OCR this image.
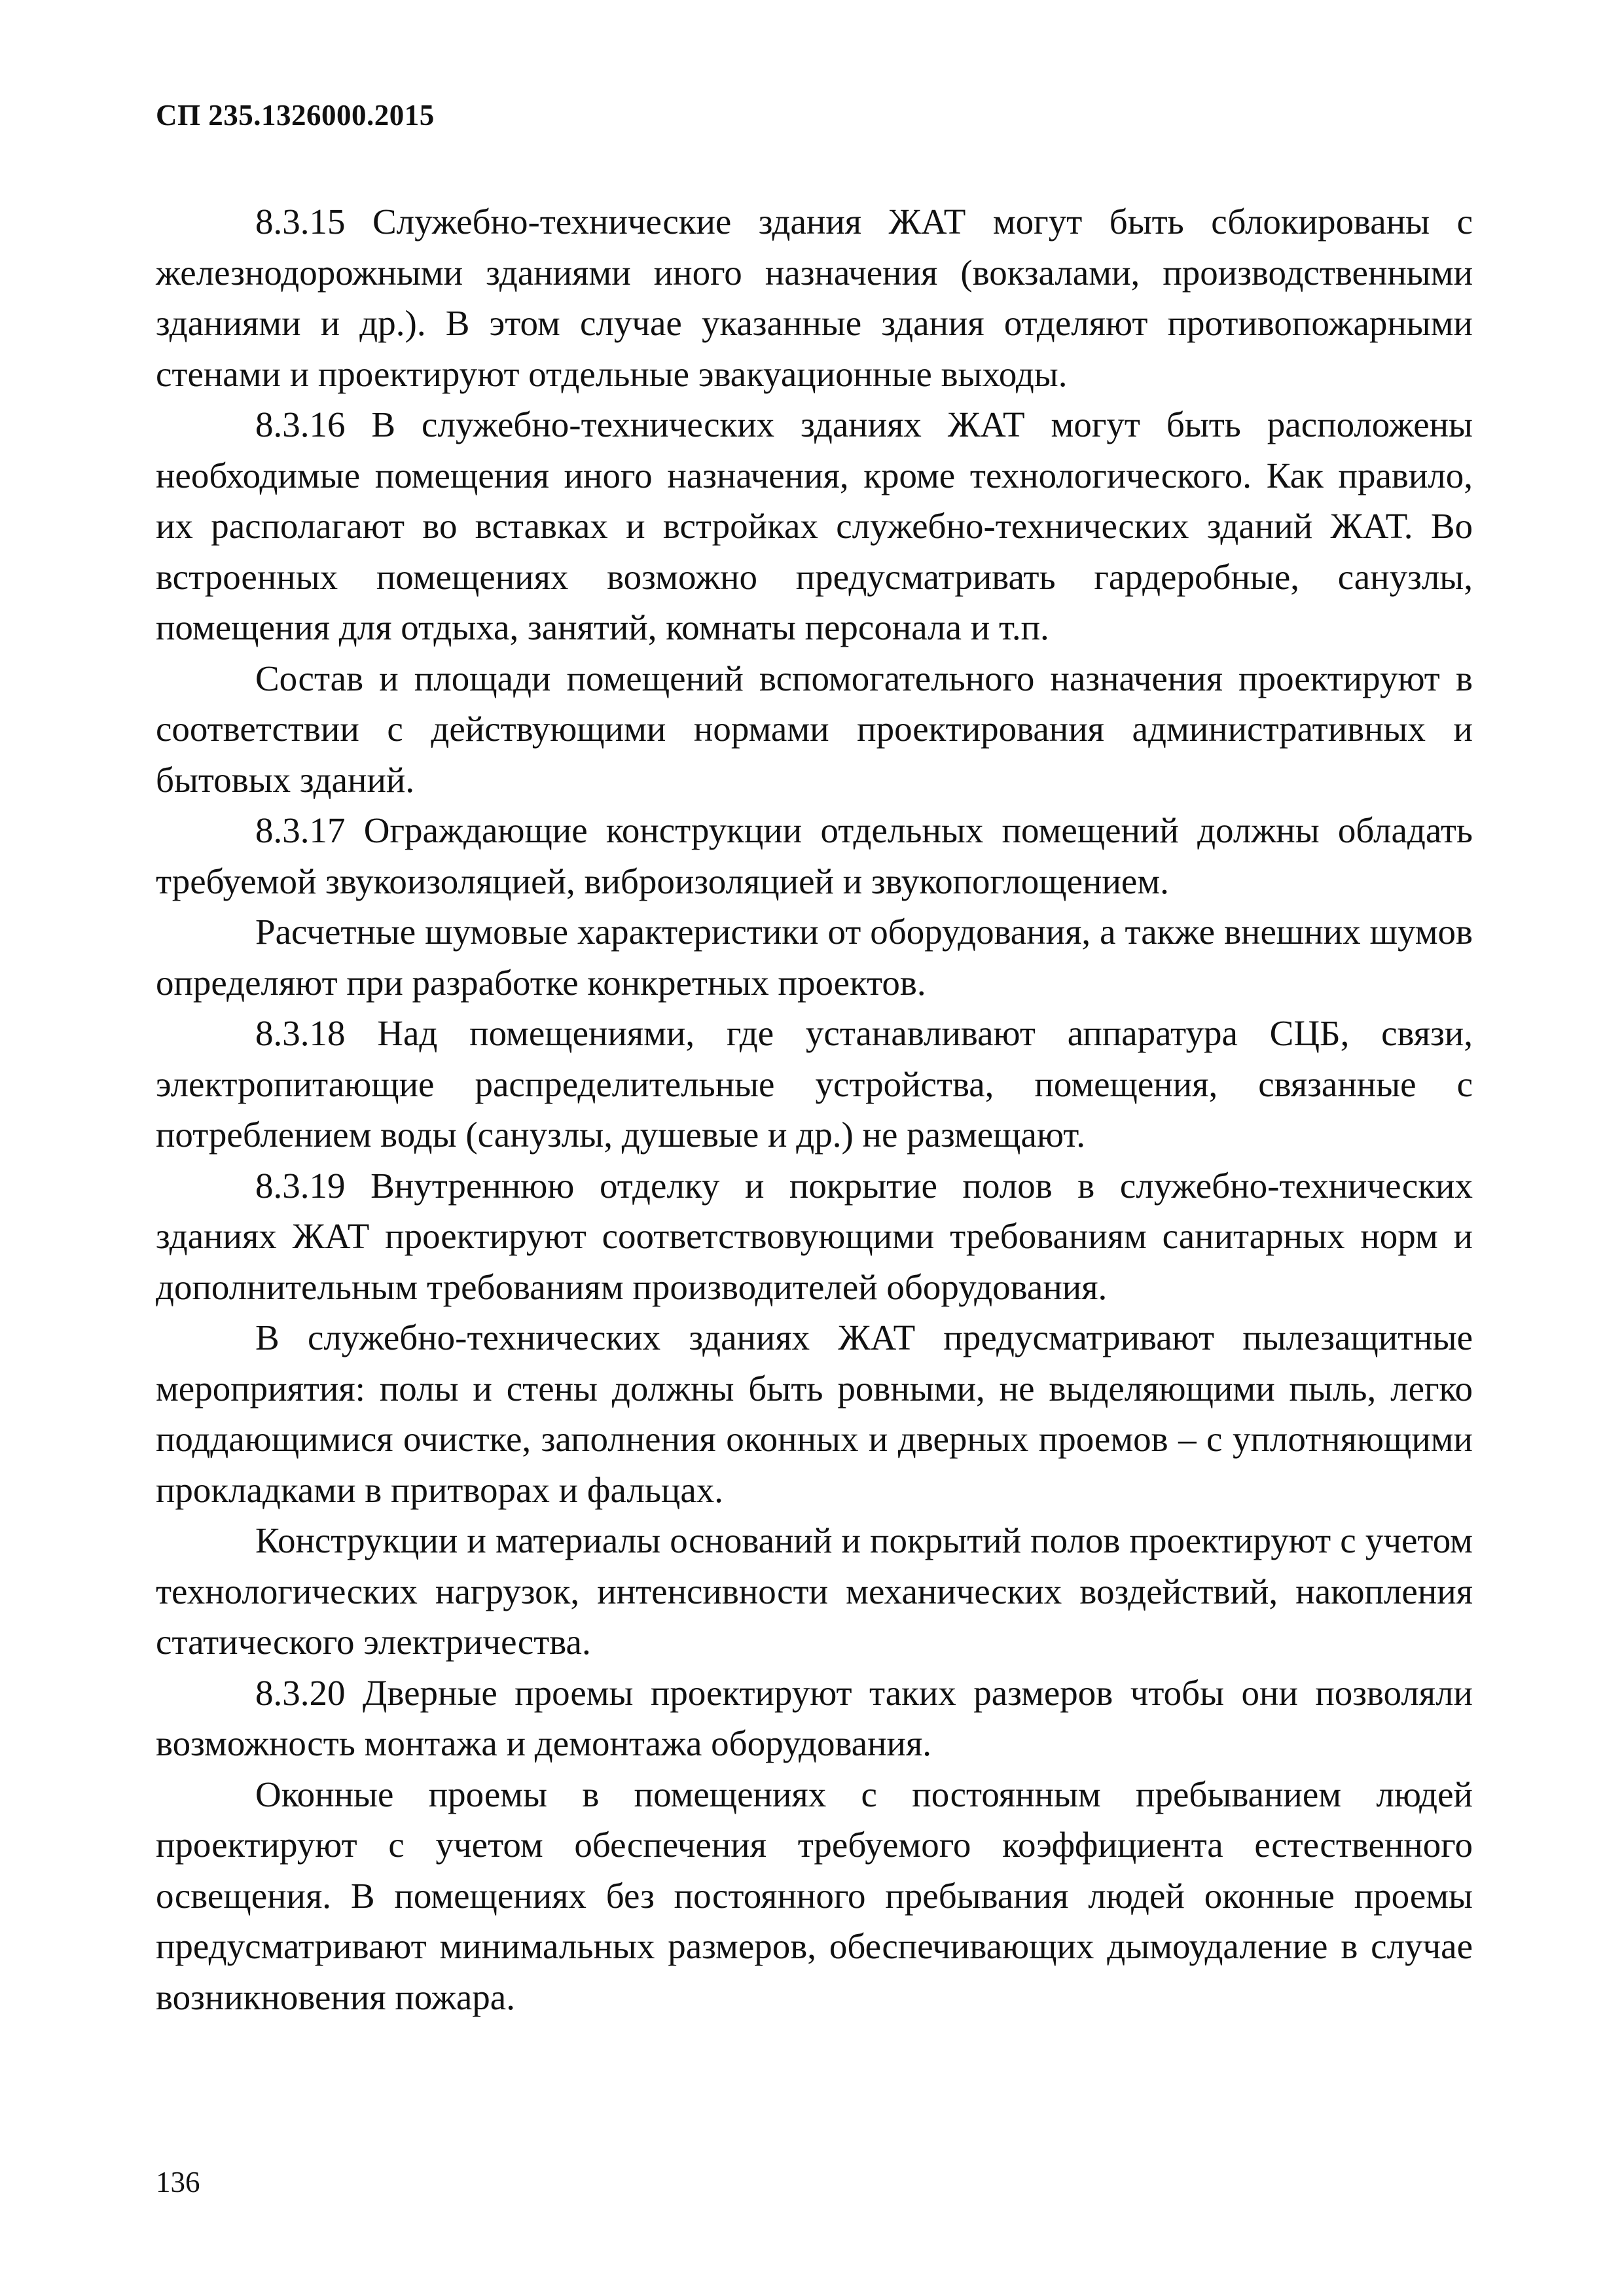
СП 235.1326000.2015

8.3.15 Служебно-технические здания ЖАТ могут быть сблокированы с железнодорожными зданиями иного назначения (вокзалами, производственными зданиями и др.). В этом случае указанные здания отделяют противопожарными стенами и проектируют отдельные эвакуационные выходы.

8.3.16 В служебно-технических зданиях ЖАТ могут быть расположены необходимые помещения иного назначения, кроме технологического. Как правило, их располагают во вставках и встройках служебно-технических зданий ЖАТ. Во встроенных помещениях возможно предусматривать гардеробные, санузлы, помещения для отдыха, занятий, комнаты персонала и т.п.

Состав и площади помещений вспомогательного назначения проектируют в соответствии с действующими нормами проектирования административных и бытовых зданий.

8.3.17 Ограждающие конструкции отдельных помещений должны обладать требуемой звукоизоляцией, виброизоляцией и звукопоглощением.

Расчетные шумовые характеристики от оборудования, а также внешних шумов определяют при разработке конкретных проектов.

8.3.18 Над помещениями, где устанавливают аппаратура СЦБ, связи, электропитающие распределительные устройства, помещения, связанные с потреблением воды (санузлы, душевые и др.) не размещают.

8.3.19 Внутреннюю отделку и покрытие полов в служебно-технических зданиях ЖАТ проектируют соответствовующими требованиям санитарных норм и дополнительным требованиям производителей оборудования.

В служебно-технических зданиях ЖАТ предусматривают пылезащитные мероприятия: полы и стены должны быть ровными, не выделяющими пыль, легко поддающимися очистке, заполнения оконных и дверных проемов – с уплотняющими прокладками в притворах и фальцах.

Конструкции и материалы оснований и покрытий полов проектируют с учетом технологических нагрузок, интенсивности механических воздействий, накопления статического электричества.

8.3.20 Дверные проемы проектируют таких размеров чтобы они позволяли возможность монтажа и демонтажа оборудования.

Оконные проемы в помещениях с постоянным пребыванием людей проектируют с учетом обеспечения требуемого коэффициента естественного освещения. В помещениях без постоянного пребывания людей оконные проемы предусматривают минимальных размеров, обеспечивающих дымоудаление в случае возникновения пожара.

136
